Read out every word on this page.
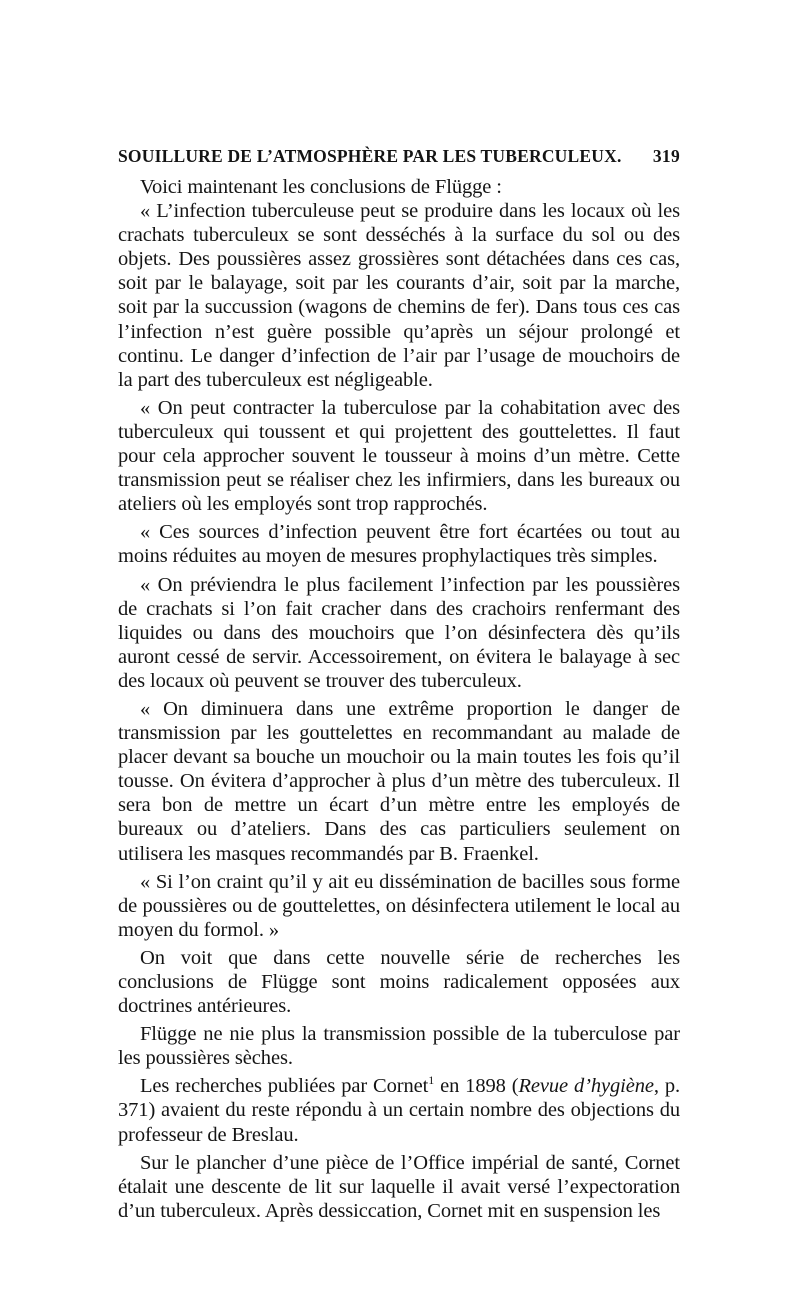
SOUILLURE DE L’ATMOSPHÈRE PAR LES TUBERCULEUX. 319

Voici maintenant les conclusions de Flügge :

« L’infection tuberculeuse peut se produire dans les locaux où les crachats tuberculeux se sont desséchés à la surface du sol ou des objets. Des poussières assez grossières sont détachées dans ces cas, soit par le balayage, soit par les courants d’air, soit par la marche, soit par la succussion (wagons de chemins de fer). Dans tous ces cas l’infection n’est guère possible qu’après un séjour prolongé et continu. Le danger d’infection de l’air par l’usage de mouchoirs de la part des tuberculeux est négligeable.

« On peut contracter la tuberculose par la cohabitation avec des tuberculeux qui toussent et qui projettent des gouttelettes. Il faut pour cela approcher souvent le tousseur à moins d’un mètre. Cette transmission peut se réaliser chez les infirmiers, dans les bureaux ou ateliers où les employés sont trop rapprochés.

« Ces sources d’infection peuvent être fort écartées ou tout au moins réduites au moyen de mesures prophylactiques très simples.

« On préviendra le plus facilement l’infection par les poussières de crachats si l’on fait cracher dans des crachoirs renfermant des liquides ou dans des mouchoirs que l’on désinfectera dès qu’ils auront cessé de servir. Accessoirement, on évitera le balayage à sec des locaux où peuvent se trouver des tuberculeux.

« On diminuera dans une extrême proportion le danger de transmission par les gouttelettes en recommandant au malade de placer devant sa bouche un mouchoir ou la main toutes les fois qu’il tousse. On évitera d’approcher à plus d’un mètre des tuberculeux. Il sera bon de mettre un écart d’un mètre entre les employés de bureaux ou d’ateliers. Dans des cas particuliers seulement on utilisera les masques recommandés par B. Fraenkel.

« Si l’on craint qu’il y ait eu dissémination de bacilles sous forme de poussières ou de gouttelettes, on désinfectera utilement le local au moyen du formol. »

On voit que dans cette nouvelle série de recherches les conclusions de Flügge sont moins radicalement opposées aux doctrines antérieures.

Flügge ne nie plus la transmission possible de la tuberculose par les poussières sèches.

Les recherches publiées par Cornet$^1$ en 1898 (Revue d’hygiène, p. 371) avaient du reste répondu à un certain nombre des objections du professeur de Breslau.

Sur le plancher d’une pièce de l’Office impérial de santé, Cornet étalait une descente de lit sur laquelle il avait versé l’expectoration d’un tuberculeux. Après dessiccation, Cornet mit en suspension les
